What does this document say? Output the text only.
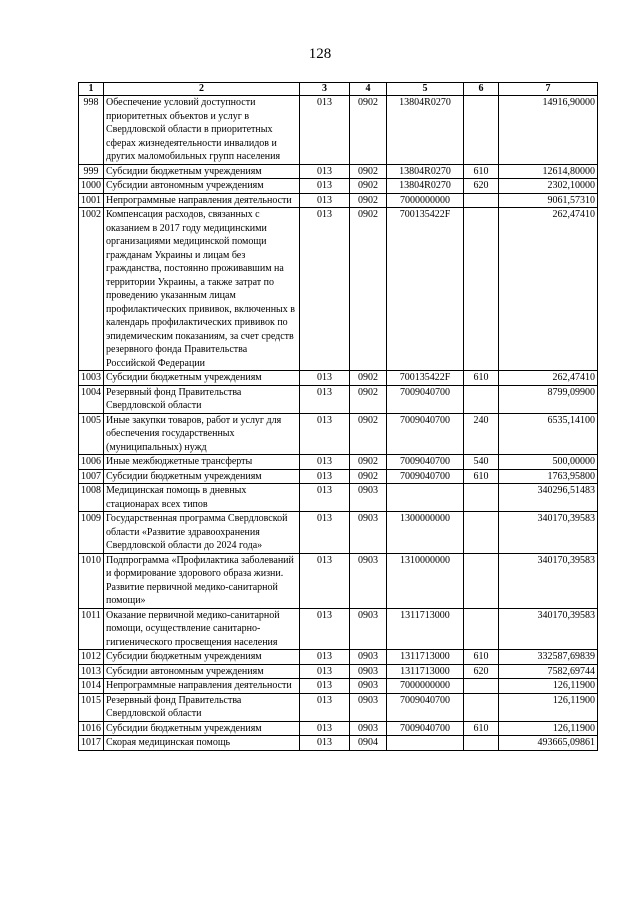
128
1	2	3	4	5	6	7
998	Обеспечение условий доступности приоритетных объектов и услуг в Свердловской области в приоритетных сферах жизнедеятельности инвалидов и других маломобильных групп населения	013	0902	13804R0270		14916,90000
999	Субсидии бюджетным учреждениям	013	0902	13804R0270	610	12614,80000
1000	Субсидии автономным учреждениям	013	0902	13804R0270	620	2302,10000
1001	Непрограммные направления деятельности	013	0902	7000000000		9061,57310
1002	Компенсация расходов, связанных с оказанием в 2017 году медицинскими организациями медицинской помощи гражданам Украины и лицам без гражданства, постоянно проживавшим на территории Украины, а также затрат по проведению указанным лицам профилактических прививок, включенных в календарь профилактических прививок по эпидемическим показаниям, за счет средств резервного фонда Правительства Российской Федерации	013	0902	700135422F		262,47410
1003	Субсидии бюджетным учреждениям	013	0902	700135422F	610	262,47410
1004	Резервный фонд Правительства Свердловской области	013	0902	7009040700		8799,09900
1005	Иные закупки товаров, работ и услуг для обеспечения государственных (муниципальных) нужд	013	0902	7009040700	240	6535,14100
1006	Иные межбюджетные трансферты	013	0902	7009040700	540	500,00000
1007	Субсидии бюджетным учреждениям	013	0902	7009040700	610	1763,95800
1008	Медицинская помощь в дневных стационарах всех типов	013	0903			340296,51483
1009	Государственная программа Свердловской области «Развитие здравоохранения Свердловской области до 2024 года»	013	0903	1300000000		340170,39583
1010	Подпрограмма «Профилактика заболеваний и формирование здорового образа жизни. Развитие первичной медико-санитарной помощи»	013	0903	1310000000		340170,39583
1011	Оказание первичной медико-санитарной помощи, осуществление санитарно-гигиенического просвещения населения	013	0903	1311713000		340170,39583
1012	Субсидии бюджетным учреждениям	013	0903	1311713000	610	332587,69839
1013	Субсидии автономным учреждениям	013	0903	1311713000	620	7582,69744
1014	Непрограммные направления деятельности	013	0903	7000000000		126,11900
1015	Резервный фонд Правительства Свердловской области	013	0903	7009040700		126,11900
1016	Субсидии бюджетным учреждениям	013	0903	7009040700	610	126,11900
1017	Скорая медицинская помощь	013	0904			493665,09861
